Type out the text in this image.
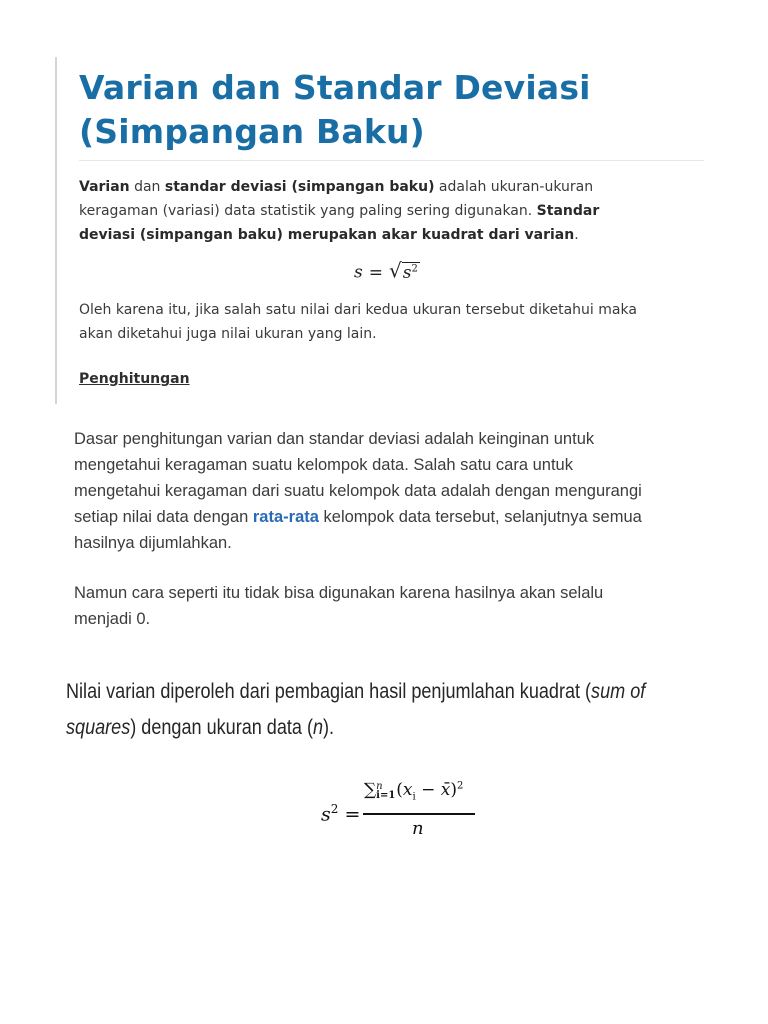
Varian dan Standar Deviasi
(Simpangan Baku)

Varian dan standar deviasi (simpangan baku) adalah ukuran-ukuran
keragaman (variasi) data statistik yang paling sering digunakan. Standar
deviasi (simpangan baku) merupakan akar kuadrat dari varian.

$s = √s^2$

Oleh karena itu, jika salah satu nilai dari kedua ukuran tersebut diketahui maka
akan diketahui juga nilai ukuran yang lain.

Penghitungan

Dasar penghitungan varian dan standar deviasi adalah keinginan untuk
mengetahui keragaman suatu kelompok data. Salah satu cara untuk
mengetahui keragaman dari suatu kelompok data adalah dengan mengurangi
setiap nilai data dengan rata-rata kelompok data tersebut, selanjutnya semua
hasilnya dijumlahkan.

Namun cara seperti itu tidak bisa digunakan karena hasilnya akan selalu
menjadi 0.

Nilai varian diperoleh dari pembagian hasil penjumlahan kuadrat (sum of
squares) dengan ukuran data (n).

$s^2$ =
∑ n
i=1 ($x_i$ − x̄)$^2$
n
